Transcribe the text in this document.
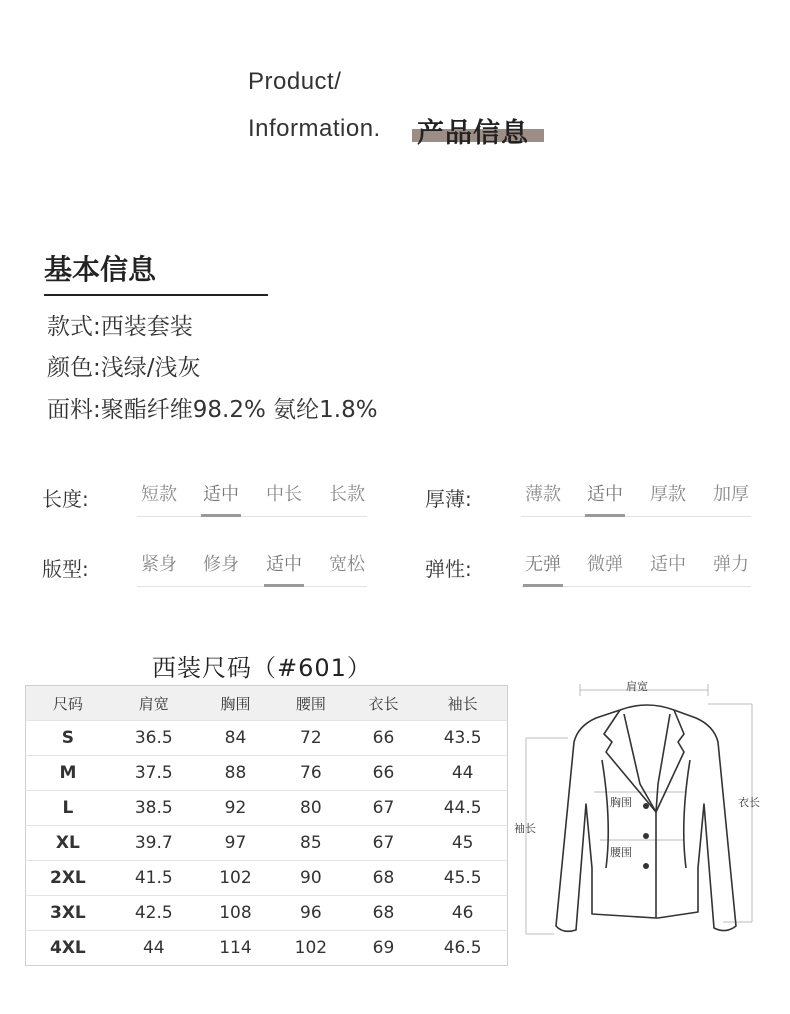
Product/
Information. 产品信息
基本信息
款式:西装套装
颜色:浅绿/浅灰
面料:聚酯纤维98.2% 氨纶1.8%
长度:	短款 适中 中长 长款	厚薄:	薄款 适中 厚款 加厚
版型:	紧身 修身 适中 宽松	弹性:	无弹 微弹 适中 弹力
西装尺码（#601）
尺码	肩宽	胸围	腰围	衣长	袖长
S	36.5	84	72	66	43.5
M	37.5	88	76	66	44
L	38.5	92	80	67	44.5
XL	39.7	97	85	67	45
2XL	41.5	102	90	68	45.5
3XL	42.5	108	96	68	46
4XL	44	114	102	69	46.5
肩宽
胸围
腰围
袖长
衣长
